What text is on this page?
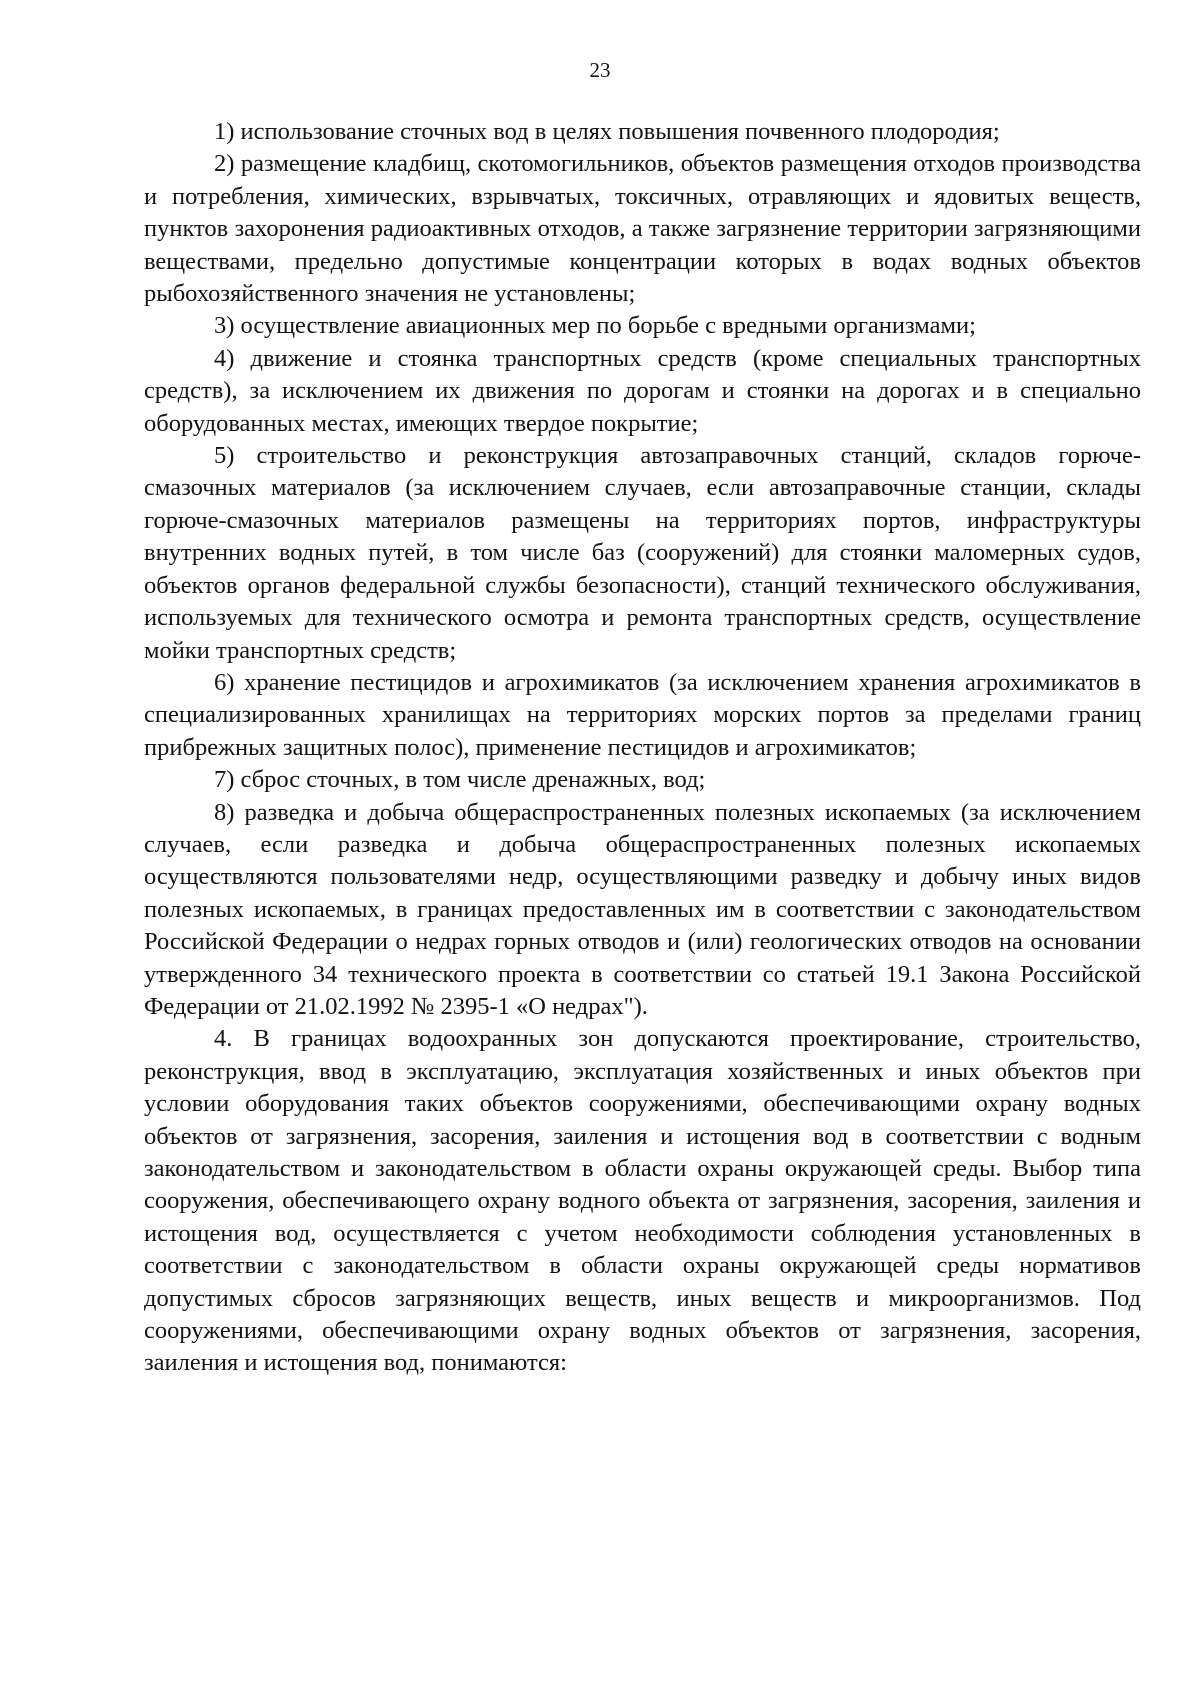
23

1) использование сточных вод в целях повышения почвенного плодородия;

2) размещение кладбищ, скотомогильников, объектов размещения отходов производства и потребления, химических, взрывчатых, токсичных, отравляющих и ядовитых веществ, пунктов захоронения радиоактивных отходов, а также загрязнение территории загрязняющими веществами, предельно допустимые концентрации которых в водах водных объектов рыбохозяйственного значения не установлены;

3) осуществление авиационных мер по борьбе с вредными организмами;

4) движение и стоянка транспортных средств (кроме специальных транспортных средств), за исключением их движения по дорогам и стоянки на дорогах и в специально оборудованных местах, имеющих твердое покрытие;

5) строительство и реконструкция автозаправочных станций, складов горюче-смазочных материалов (за исключением случаев, если автозаправочные станции, склады горюче-смазочных материалов размещены на территориях портов, инфраструктуры внутренних водных путей, в том числе баз (сооружений) для стоянки маломерных судов, объектов органов федеральной службы безопасности), станций технического обслуживания, используемых для технического осмотра и ремонта транспортных средств, осуществление мойки транспортных средств;

6) хранение пестицидов и агрохимикатов (за исключением хранения агрохимикатов в специализированных хранилищах на территориях морских портов за пределами границ прибрежных защитных полос), применение пестицидов и агрохимикатов;

7) сброс сточных, в том числе дренажных, вод;

8) разведка и добыча общераспространенных полезных ископаемых (за исключением случаев, если разведка и добыча общераспространенных полезных ископаемых осуществляются пользователями недр, осуществляющими разведку и добычу иных видов полезных ископаемых, в границах предоставленных им в соответствии с законодательством Российской Федерации о недрах горных отводов и (или) геологических отводов на основании утвержденного 34 технического проекта в соответствии со статьей 19.1 Закона Российской Федерации от 21.02.1992 № 2395-1 «О недрах").

4. В границах водоохранных зон допускаются проектирование, строительство, реконструкция, ввод в эксплуатацию, эксплуатация хозяйственных и иных объектов при условии оборудования таких объектов сооружениями, обеспечивающими охрану водных объектов от загрязнения, засорения, заиления и истощения вод в соответствии с водным законодательством и законодательством в области охраны окружающей среды. Выбор типа сооружения, обеспечивающего охрану водного объекта от загрязнения, засорения, заиления и истощения вод, осуществляется с учетом необходимости соблюдения установленных в соответствии с законодательством в области охраны окружающей среды нормативов допустимых сбросов загрязняющих веществ, иных веществ и микроорганизмов. Под сооружениями, обеспечивающими охрану водных объектов от загрязнения, засорения, заиления и истощения вод, понимаются:
